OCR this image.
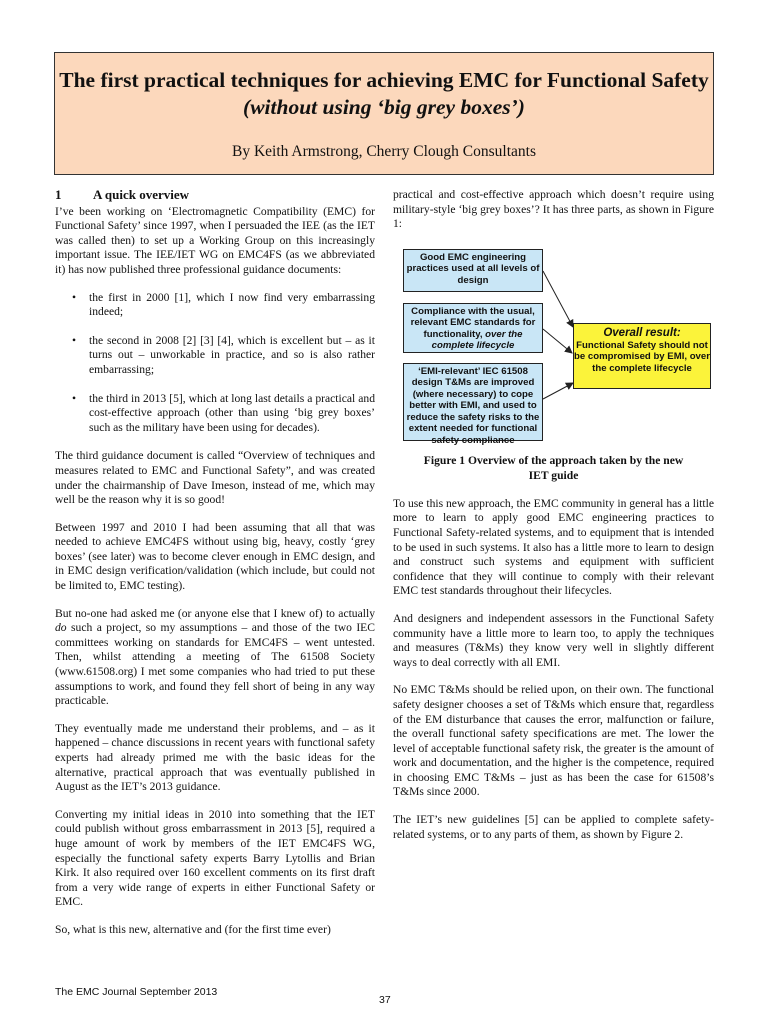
The first practical techniques for achieving EMC for Functional Safety (without using ‘big grey boxes’)
By Keith Armstrong, Cherry Clough Consultants
1 A quick overview

I’ve been working on ‘Electromagnetic Compatibility (EMC) for Functional Safety’ since 1997, when I persuaded the IEE (as the IET was called then) to set up a Working Group on this increasingly important issue. The IEE/IET WG on EMC4FS (as we abbreviated it) has now published three professional guidance documents:

• the first in 2000 [1], which I now find very embarrassing indeed;
• the second in 2008 [2] [3] [4], which is excellent but – as it turns out – unworkable in practice, and so is also rather embarrassing;
• the third in 2013 [5], which at long last details a practical and cost-effective approach (other than using ‘big grey boxes’ such as the military have been using for decades).

The third guidance document is called “Overview of techniques and measures related to EMC and Functional Safety”, and was created under the chairmanship of Dave Imeson, instead of me, which may well be the reason why it is so good!

Between 1997 and 2010 I had been assuming that all that was needed to achieve EMC4FS without using big, heavy, costly ‘grey boxes’ (see later) was to become clever enough in EMC design, and in EMC design verification/validation (which include, but could not be limited to, EMC testing).

But no-one had asked me (or anyone else that I knew of) to actually do such a project, so my assumptions – and those of the two IEC committees working on standards for EMC4FS – went untested. Then, whilst attending a meeting of The 61508 Society (www.61508.org) I met some companies who had tried to put these assumptions to work, and found they fell short of being in any way practicable.

They eventually made me understand their problems, and – as it happened – chance discussions in recent years with functional safety experts had already primed me with the basic ideas for the alternative, practical approach that was eventually published in August as the IET’s 2013 guidance.

Converting my initial ideas in 2010 into something that the IET could publish without gross embarrassment in 2013 [5], required a huge amount of work by members of the IET EMC4FS WG, especially the functional safety experts Barry Lytollis and Brian Kirk. It also required over 160 excellent comments on its first draft from a very wide range of experts in either Functional Safety or EMC.

So, what is this new, alternative and (for the first time ever)

practical and cost-effective approach which doesn’t require using military-style ‘big grey boxes’? It has three parts, as shown in Figure 1:

Good EMC engineering practices used at all levels of design
Compliance with the usual, relevant EMC standards for functionality, over the complete lifecycle
‘EMI-relevant’ IEC 61508 design T&Ms are improved (where necessary) to cope better with EMI, and used to reduce the safety risks to the extent needed for functional safety compliance
Overall result:
Functional Safety should not be compromised by EMI, over the complete lifecycle
Figure 1 Overview of the approach taken by the new
IET guide

To use this new approach, the EMC community in general has a little more to learn to apply good EMC engineering practices to Functional Safety-related systems, and to equipment that is intended to be used in such systems. It also has a little more to learn to design and construct such systems and equipment with sufficient confidence that they will continue to comply with their relevant EMC test standards throughout their lifecycles.

And designers and independent assessors in the Functional Safety community have a little more to learn too, to apply the techniques and measures (T&Ms) they know very well in slightly different ways to deal correctly with all EMI.

No EMC T&Ms should be relied upon, on their own. The functional safety designer chooses a set of T&Ms which ensure that, regardless of the EM disturbance that causes the error, malfunction or failure, the overall functional safety specifications are met. The lower the level of acceptable functional safety risk, the greater is the amount of work and documentation, and the higher is the competence, required in choosing EMC T&Ms – just as has been the case for 61508’s T&Ms since 2000.

The IET’s new guidelines [5] can be applied to complete safety-related systems, or to any parts of them, as shown by Figure 2.

The EMC Journal September 2013
37
